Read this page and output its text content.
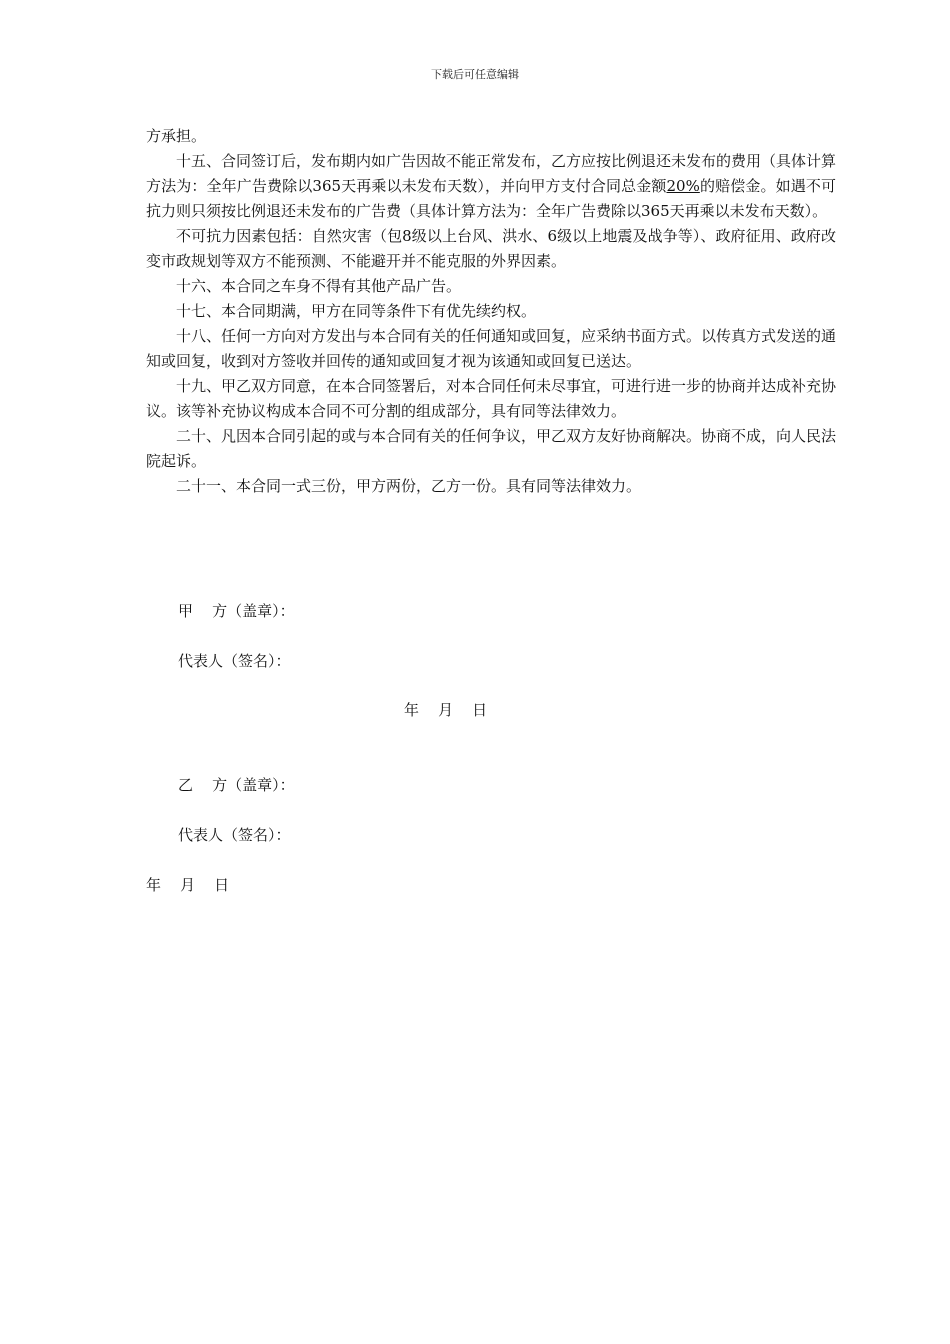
下载后可任意编辑

方承担。

十五、合同签订后，发布期内如广告因故不能正常发布，乙方应按比例退还未发布的费用（具体计算方法为：全年广告费除以365天再乘以未发布天数），并向甲方支付合同总金额20%的赔偿金。如遇不可抗力则只须按比例退还未发布的广告费（具体计算方法为：全年广告费除以365天再乘以未发布天数）。

不可抗力因素包括：自然灾害（包8级以上台风、洪水、6级以上地震及战争等）、政府征用、政府改变市政规划等双方不能预测、不能避开并不能克服的外界因素。

十六、本合同之车身不得有其他产品广告。

十七、本合同期满，甲方在同等条件下有优先续约权。

十八、任何一方向对方发出与本合同有关的任何通知或回复，应采纳书面方式。以传真方式发送的通知或回复，收到对方签收并回传的通知或回复才视为该通知或回复已送达。

十九、甲乙双方同意，在本合同签署后，对本合同任何未尽事宜，可进行进一步的协商并达成补充协议。该等补充协议构成本合同不可分割的组成部分，具有同等法律效力。

二十、凡因本合同引起的或与本合同有关的任何争议，甲乙双方友好协商解决。协商不成，向人民法院起诉。

二十一、本合同一式三份，甲方两份，乙方一份。具有同等法律效力。

甲    方（盖章）：
代表人（签名）：
年    月    日
乙    方（盖章）：
代表人（签名）：
年    月    日
